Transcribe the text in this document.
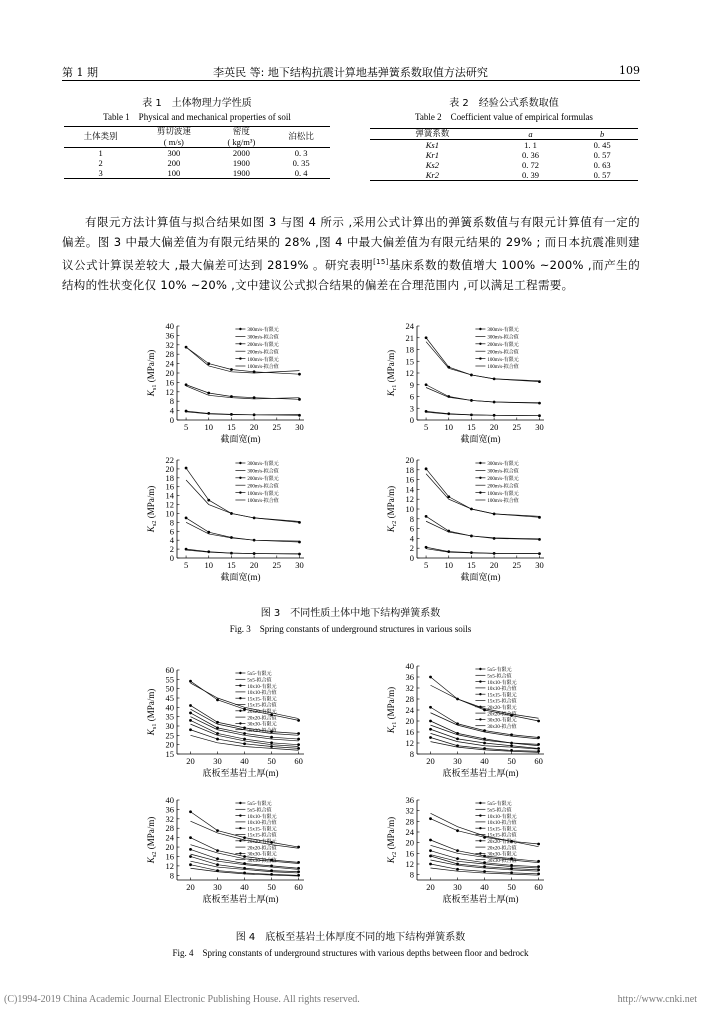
第 1 期	李英民 等: 地下结构抗震计算地基弹簧系数取值方法研究	109
表 1　土体物理力学性质
Table 1　Physical and mechanical properties of soil
土体类别	剪切波速	密度	泊松比
	( m/s)	( kg/m³)	
1	300	2000	0. 3
2	200	1900	0. 35
3	100	1900	0. 4
表 2　经验公式系数取值
Table 2　Coefficient value of empirical formulas
弹簧系数	a	b
Ks1	1. 1	0. 45
Kr1	0. 36	0. 57
Ks2	0. 72	0. 63
Kr2	0. 39	0. 57

有限元方法计算值与拟合结果如图 3 与图 4 所示 ,采用公式计算出的弹簧系数值与有限元计算值有一定的偏差。图 3 中最大偏差值为有限元结果的 28% ,图 4 中最大偏差值为有限元结果的 29% ; 而日本抗震准则建议公式计算误差较大 ,最大偏差可达到 2819% 。研究表明[15]基床系数的数值增大 100% ~200% ,而产生的结构的性状变化仅 10% ~20% ,文中建议公式拟合结果的偏差在合理范围内 ,可以满足工程需要。

0
4
8
12
16
20
24
28
32
36
40
5 10 15 20 25 30
截面宽(m)
$K_{s1}$ (MPa/m)
300m/s-有限元
300m/s-拟合值
200m/s-有限元
200m/s-拟合值
100m/s-有限元
100m/s-拟合值
0
3
6
9
12
15
18
21
24
5 10 15 20 25 30
截面宽(m)
$K_{r1}$ (MPa/m)
300m/s-有限元
300m/s-拟合值
200m/s-有限元
200m/s-拟合值
100m/s-有限元
100m/s-拟合值
0
2
4
6
8
10
12
14
16
18
20
22
5 10 15 20 25 30
截面宽(m)
$K_{s2}$ (MPa/m)
300m/s-有限元
300m/s-拟合值
200m/s-有限元
200m/s-拟合值
100m/s-有限元
100m/s-拟合值
0
2
4
6
8
10
12
14
16
18
20
5 10 15 20 25 30
截面宽(m)
$K_{r2}$ (MPa/m)
300m/s-有限元
300m/s-拟合值
200m/s-有限元
200m/s-拟合值
100m/s-有限元
100m/s-拟合值
图 3　不同性质土体中地下结构弹簧系数
Fig. 3　Spring constants of underground structures in various soils
15
20
25
30
35
40
45
50
55
60
20 30 40 50 60
底板至基岩土厚(m)
$K_{s1}$ (MPa/m)
5x5-有限元
5x5-拟合值
10x10-有限元
10x10-拟合值
15x15-有限元
15x15-拟合值
20x20-有限元
20x20-拟合值
30x30-有限元
30x30-拟合值
8
12
16
20
24
28
32
36
40
20 30 40 50 60
底板至基岩土厚(m)
$K_{r1}$ (MPa/m)
5x5-有限元
5x5-拟合值
10x10-有限元
10x10-拟合值
15x15-有限元
15x15-拟合值
20x20-有限元
20x20-拟合值
30x30-有限元
30x30-拟合值
8
12
16
20
24
28
32
36
40
20 30 40 50 60
底板至基岩土厚(m)
$K_{s2}$ (MPa/m)
5x5-有限元
5x5-拟合值
10x10-有限元
10x10-拟合值
15x15-有限元
15x15-拟合值
20x20-有限元
20x20-拟合值
30x30-有限元
30x30-拟合值
8
12
16
20
24
28
32
36
20 30 40 50 60
底板至基岩土厚(m)
$K_{r2}$ (MPa/m)
5x5-有限元
5x5-拟合值
10x10-有限元
10x10-拟合值
15x15-有限元
15x15-拟合值
20x20-有限元
20x20-拟合值
30x30-有限元
30x30-拟合值
图 4　底板至基岩土体厚度不同的地下结构弹簧系数
Fig. 4　Spring constants of underground structures with various depths between floor and bedrock
(C)1994-2019 China Academic Journal Electronic Publishing House. All rights reserved.	http://www.cnki.net
